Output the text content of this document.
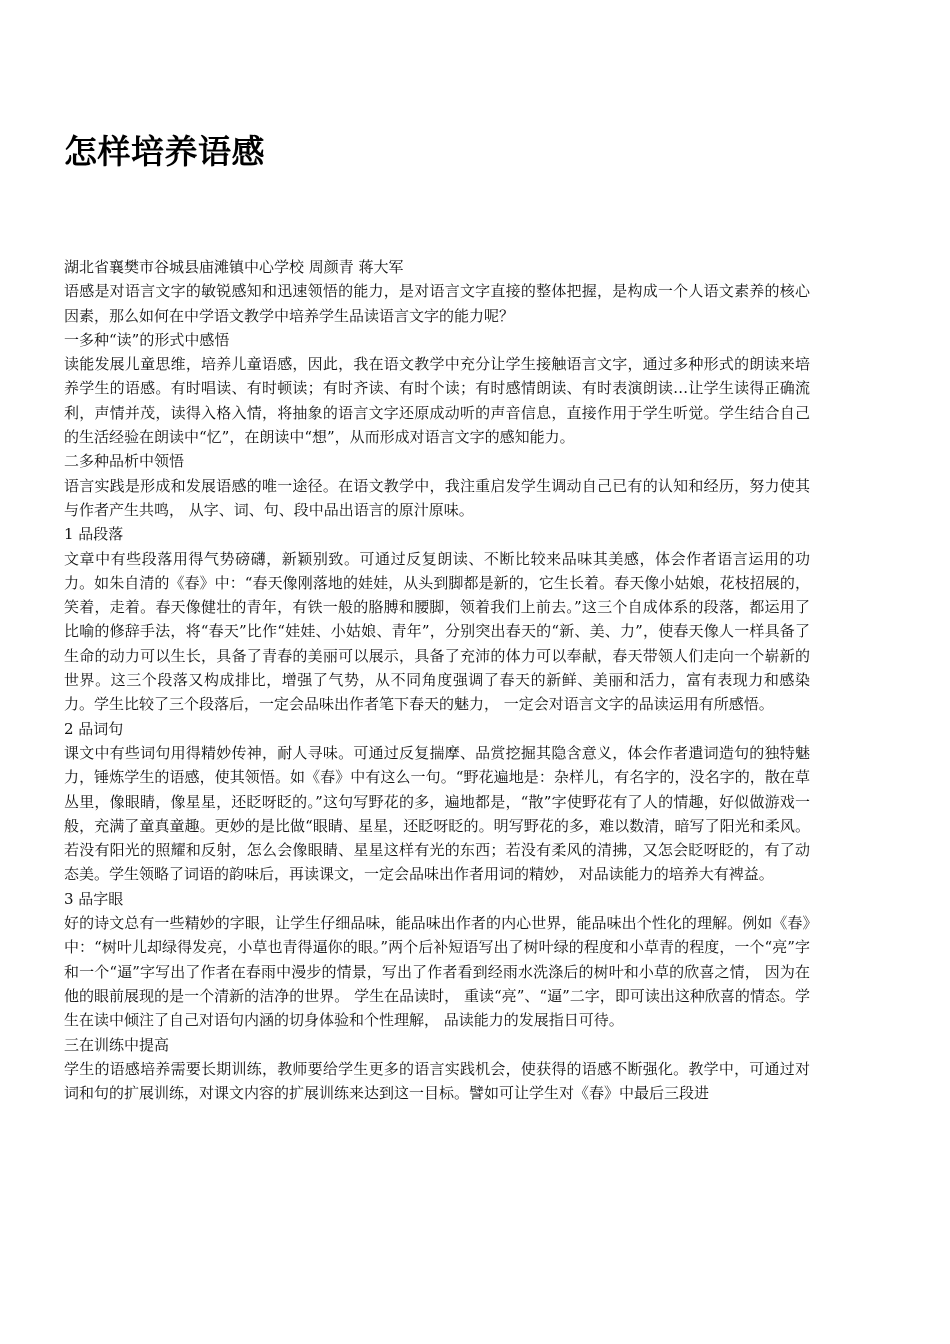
怎样培养语感

湖北省襄樊市谷城县庙滩镇中心学校 周颜青 蒋大军

语感是对语言文字的敏锐感知和迅速领悟的能力，是对语言文字直接的整体把握，是构成一个人语文素养的核心因素，那么如何在中学语文教学中培养学生品读语言文字的能力呢？

一多种“读”的形式中感悟

读能发展儿童思维，培养儿童语感，因此，我在语文教学中充分让学生接触语言文字，通过多种形式的朗读来培养学生的语感。有时唱读、有时顿读；有时齐读、有时个读；有时感情朗读、有时表演朗读…让学生读得正确流利，声情并茂，读得入格入情，将抽象的语言文字还原成动听的声音信息，直接作用于学生听觉。学生结合自己的生活经验在朗读中“忆”，在朗读中“想”，从而形成对语言文字的感知能力。

二多种品析中领悟

语言实践是形成和发展语感的唯一途径。在语文教学中，我注重启发学生调动自己已有的认知和经历，努力使其与作者产生共鸣， 从字、词、句、段中品出语言的原汁原味。

1 品段落

文章中有些段落用得气势磅礴，新颖别致。可通过反复朗读、不断比较来品味其美感，体会作者语言运用的功力。如朱自清的《春》中：“春天像刚落地的娃娃，从头到脚都是新的，它生长着。春天像小姑娘，花枝招展的，笑着，走着。春天像健壮的青年，有铁一般的胳膊和腰脚，领着我们上前去。”这三个自成体系的段落，都运用了比喻的修辞手法，将“春天”比作“娃娃、小姑娘、青年”，分别突出春天的“新、美、力”，使春天像人一样具备了生命的动力可以生长，具备了青春的美丽可以展示，具备了充沛的体力可以奉献，春天带领人们走向一个崭新的世界。这三个段落又构成排比，增强了气势，从不同角度强调了春天的新鲜、美丽和活力，富有表现力和感染力。学生比较了三个段落后，一定会品味出作者笔下春天的魅力， 一定会对语言文字的品读运用有所感悟。

2 品词句

课文中有些词句用得精妙传神，耐人寻味。可通过反复揣摩、品赏挖掘其隐含意义，体会作者遣词造句的独特魅力，锤炼学生的语感，使其领悟。如《春》中有这么一句。“野花遍地是：杂样儿，有名字的，没名字的，散在草丛里，像眼睛，像星星，还眨呀眨的。”这句写野花的多，遍地都是，“散”字使野花有了人的情趣，好似做游戏一般，充满了童真童趣。更妙的是比做“眼睛、星星，还眨呀眨的。明写野花的多，难以数清，暗写了阳光和柔风。若没有阳光的照耀和反射，怎么会像眼睛、星星这样有光的东西；若没有柔风的清拂，又怎会眨呀眨的，有了动态美。学生领略了词语的韵味后，再读课文，一定会品味出作者用词的精妙， 对品读能力的培养大有裨益。

3 品字眼

好的诗文总有一些精妙的字眼，让学生仔细品味，能品味出作者的内心世界，能品味出个性化的理解。例如《春》中：“树叶儿却绿得发亮，小草也青得逼你的眼。”两个后补短语写出了树叶绿的程度和小草青的程度，一个“亮”字和一个“逼”字写出了作者在春雨中漫步的情景，写出了作者看到经雨水洗涤后的树叶和小草的欣喜之情， 因为在他的眼前展现的是一个清新的洁净的世界。 学生在品读时， 重读“亮”、“逼”二字，即可读出这种欣喜的情态。学生在读中倾注了自己对语句内涵的切身体验和个性理解， 品读能力的发展指日可待。

三在训练中提高

学生的语感培养需要长期训练，教师要给学生更多的语言实践机会，使获得的语感不断强化。教学中，可通过对词和句的扩展训练，对课文内容的扩展训练来达到这一目标。譬如可让学生对《春》中最后三段进
